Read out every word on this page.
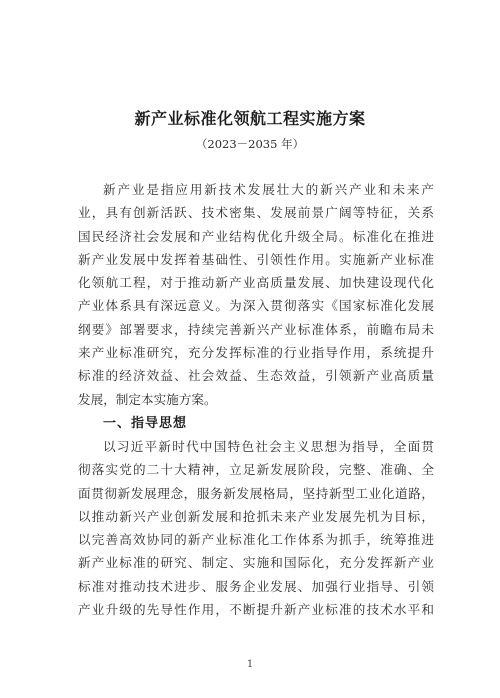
新产业标准化领航工程实施方案
（2023－2035 年）
新产业是指应用新技术发展壮大的新兴产业和未来产
业，具有创新活跃、技术密集、发展前景广阔等特征，关系
国民经济社会发展和产业结构优化升级全局。标准化在推进
新产业发展中发挥着基础性、引领性作用。实施新产业标准
化领航工程，对于推动新产业高质量发展、加快建设现代化
产业体系具有深远意义。为深入贯彻落实《国家标准化发展
纲要》部署要求，持续完善新兴产业标准体系，前瞻布局未
来产业标准研究，充分发挥标准的行业指导作用，系统提升
标准的经济效益、社会效益、生态效益，引领新产业高质量
发展，制定本实施方案。
一、指导思想
以习近平新时代中国特色社会主义思想为指导，全面贯
彻落实党的二十大精神，立足新发展阶段，完整、准确、全
面贯彻新发展理念，服务新发展格局，坚持新型工业化道路，
以推动新兴产业创新发展和抢抓未来产业发展先机为目标，
以完善高效协同的新产业标准化工作体系为抓手，统筹推进
新产业标准的研究、制定、实施和国际化，充分发挥新产业
标准对推动技术进步、服务企业发展、加强行业指导、引领
产业升级的先导性作用，不断提升新产业标准的技术水平和
1
